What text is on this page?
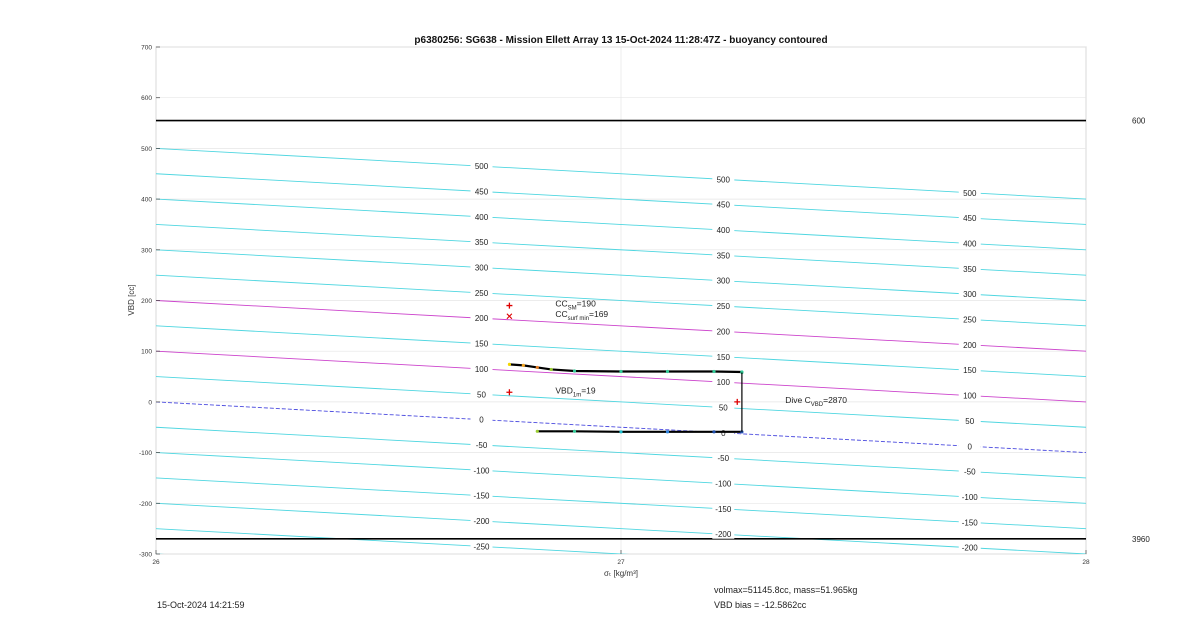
p6380256: SG638 - Mission Ellett Array 13 15-Oct-2024 11:28:47Z - buoyancy contoured
600
3960
-250
-200
-150
-100
-50
0
50
100
150
200
250
300
350
400
450
500
-200
-150
-100
-50
0
50
100
150
200
250
300
350
400
450
500
-200
-150
-100
-50
0
50
100
150
200
250
300
350
400
450
500
$CC_{SM}=190$
$CC_{surf min}=169$
$VBD_{1m}=19$
Dive $C_{VBD}=2870$
700
600
500
400
300
200
100
0
-100
-200
-300
26	27	28
σₜ [kg/m³]
VBD [cc]
15-Oct-2024 14:21:59
volmax=51145.8cc, mass=51.965kg
VBD bias = -12.5862cc
